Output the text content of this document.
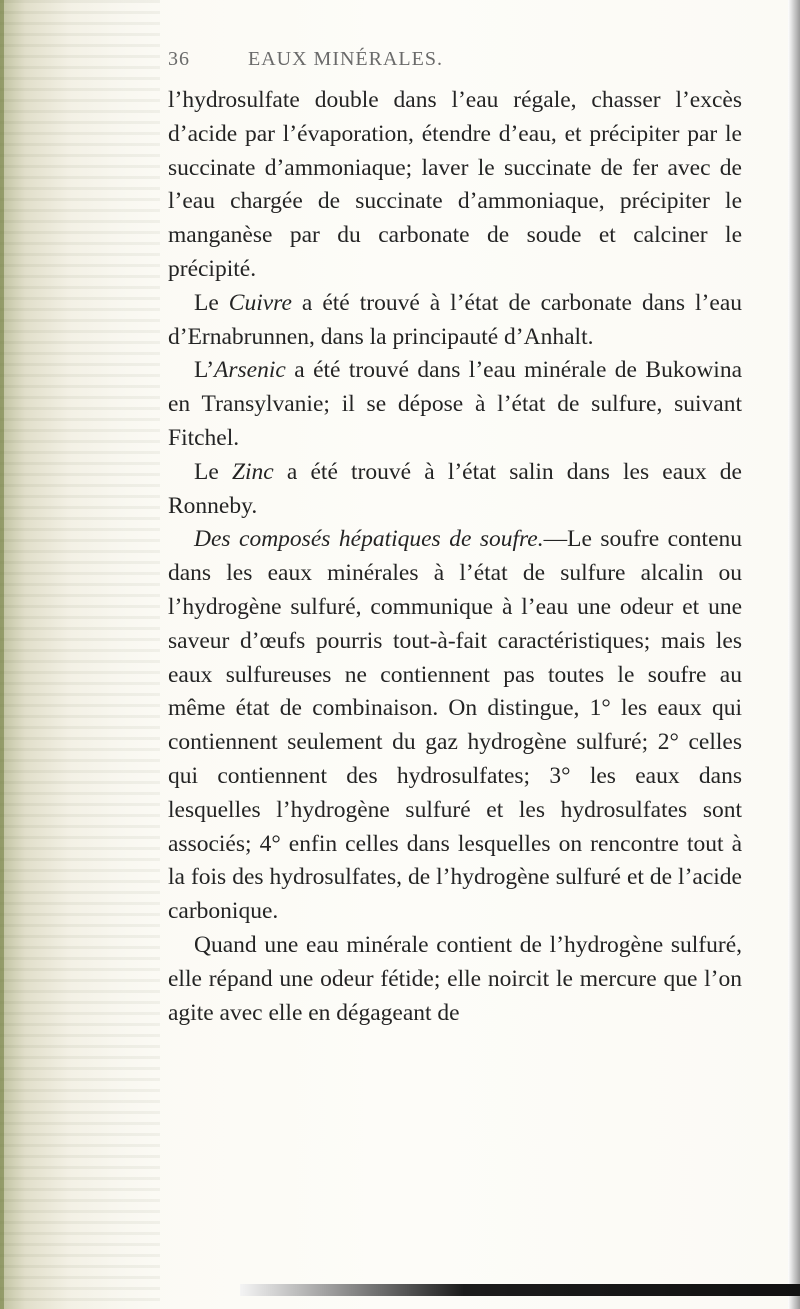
36	EAUX MINÉRALES.

l’hydrosulfate double dans l’eau régale, chasser l’excès d’acide par l’évaporation, étendre d’eau, et précipiter par le succinate d’ammoniaque; laver le succinate de fer avec de l’eau chargée de succinate d’ammoniaque, précipiter le manganèse par du carbonate de soude et calciner le précipité.

Le Cuivre a été trouvé à l’état de carbonate dans l’eau d’Ernabrunnen, dans la principauté d’Anhalt.

L’Arsenic a été trouvé dans l’eau minérale de Bukowina en Transylvanie; il se dépose à l’état de sulfure, suivant Fitchel.

Le Zinc a été trouvé à l’état salin dans les eaux de Ronneby.

Des composés hépatiques de soufre.—Le soufre contenu dans les eaux minérales à l’état de sulfure alcalin ou l’hydrogène sulfuré, communique à l’eau une odeur et une saveur d’œufs pourris tout-à-fait caractéristiques; mais les eaux sulfureuses ne contiennent pas toutes le soufre au même état de combinaison. On distingue, 1° les eaux qui contiennent seulement du gaz hydrogène sulfuré; 2° celles qui contiennent des hydrosulfates; 3° les eaux dans lesquelles l’hydrogène sulfuré et les hydrosulfates sont associés; 4° enfin celles dans lesquelles on rencontre tout à la fois des hydrosulfates, de l’hydrogène sulfuré et de l’acide carbonique.

Quand une eau minérale contient de l’hydrogène sulfuré, elle répand une odeur fétide; elle noircit le mercure que l’on agite avec elle en dégageant de
